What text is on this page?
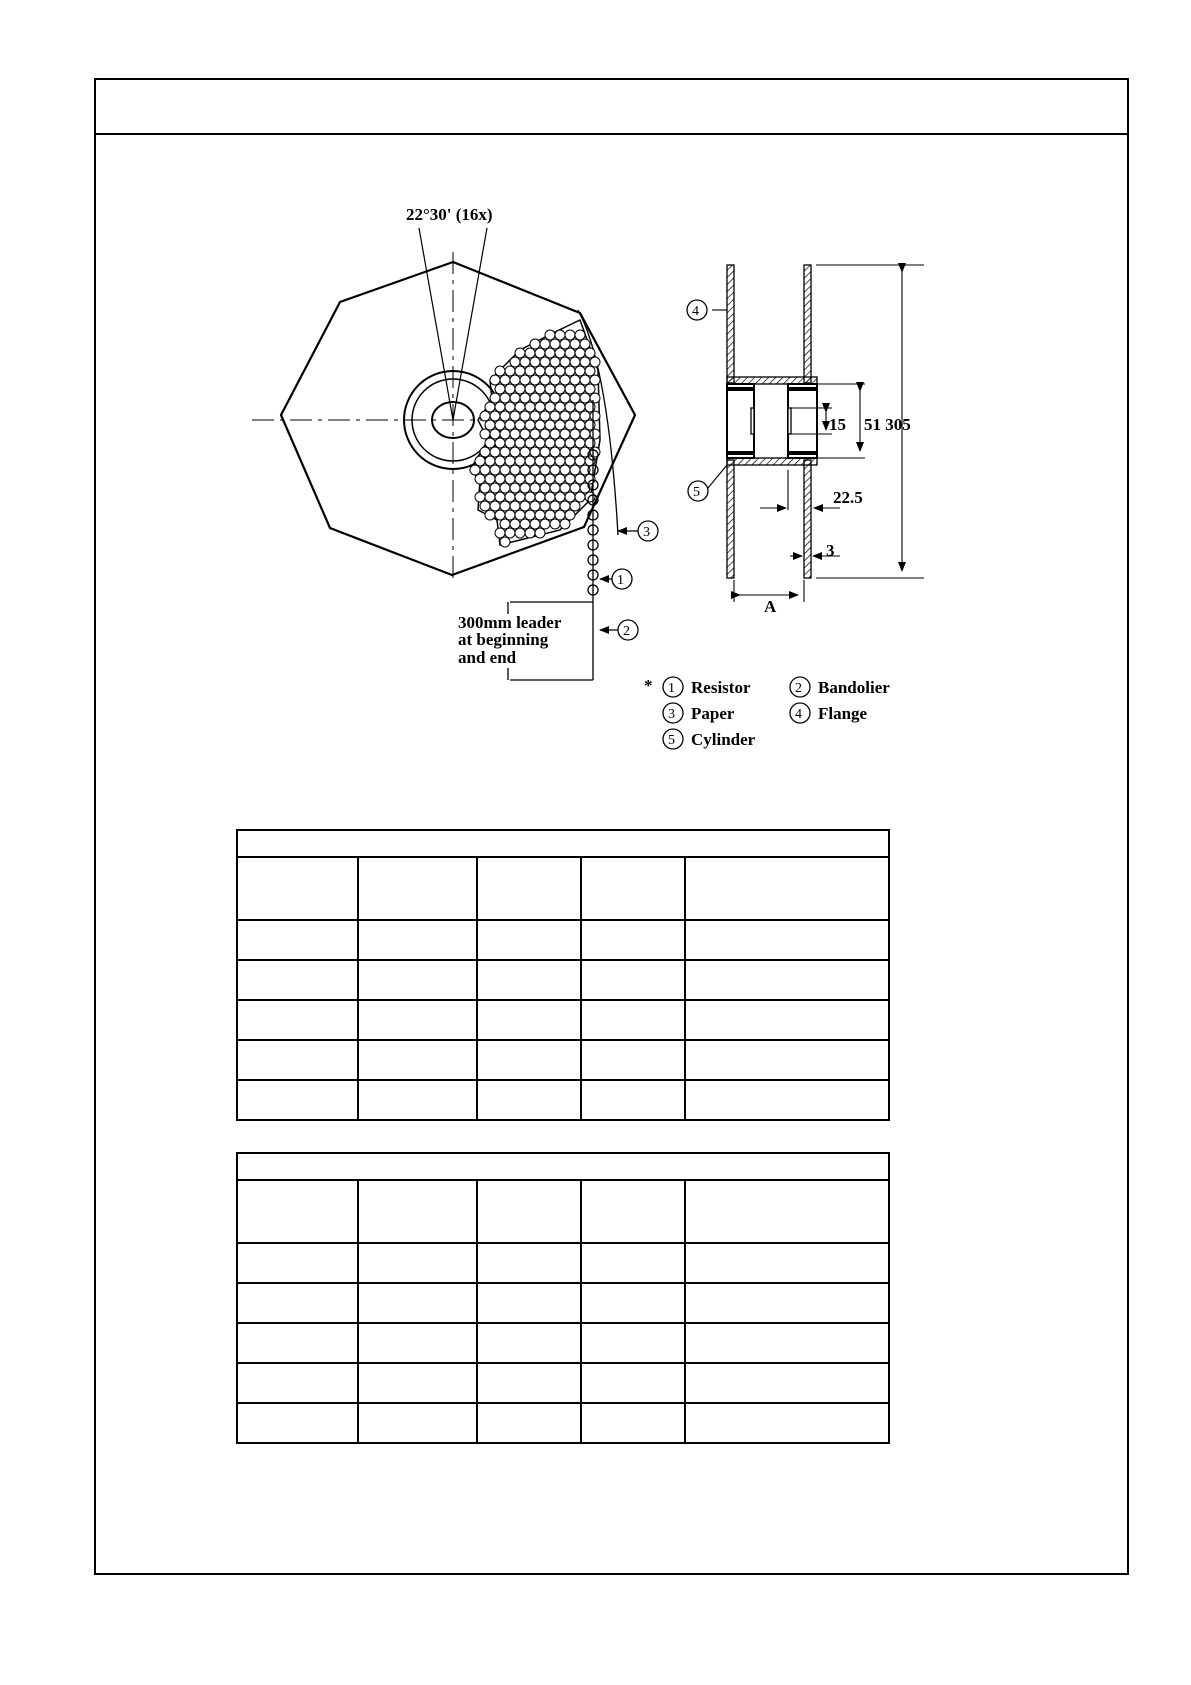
22°30' (16x)
300mm leader
at beginning
and end
3
1
2
15 51 305
22.5
3
A
4
5
* 1 Resistor	2 Bandolier
3 Paper	4 Flange
5 Cylinder
